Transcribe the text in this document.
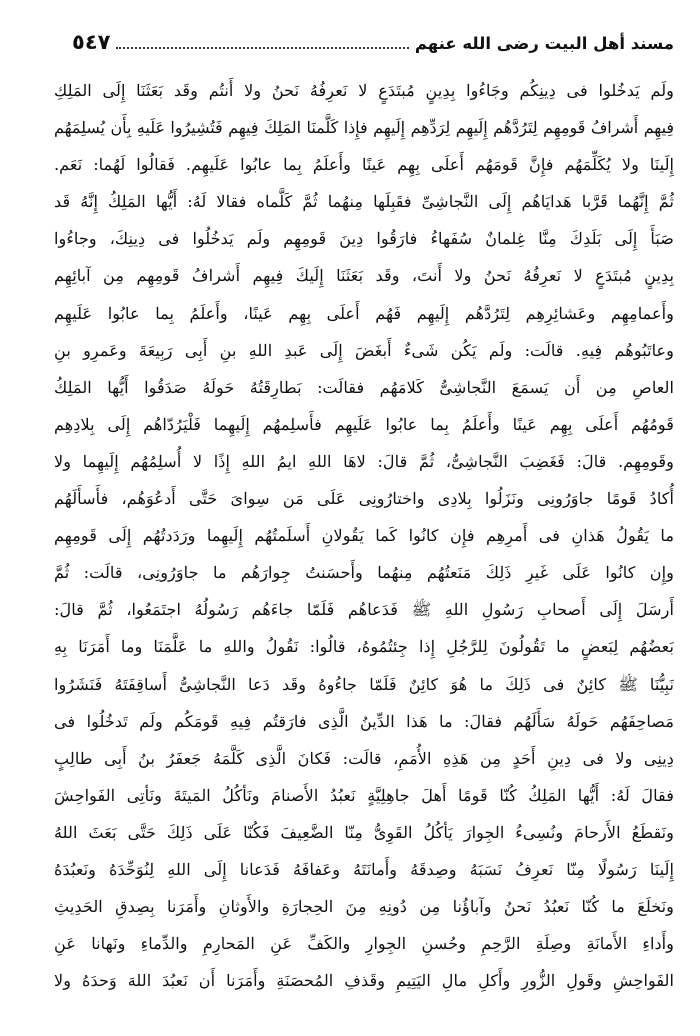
مسند أهل البيت رضى الله عنهم
٥٤٧
ولَم يَدخُلوا فى دِينِكُم وجَاءُوا بِدِينٍ مُبتَدَعٍ لا نَعرِفُهُ نَحنُ ولا أَنتُم وقَد بَعَثَنَا إِلَى المَلِكِ
فِيهِم أَشرافُ قَومِهِم لِتَرُدَّهُم إِلَيهِم لِرَدِّهِم إِلَيهِم فإِذا كَلَّمنَا المَلِكَ فِيهِم فَتُشِيرُوا عَلَيهِ بِأَن يُسلِمَهُم
إِلَينَا ولا يُكَلِّمَهُم فإِنَّ قَومَهُم أَعلَى بِهِم عَينًا وأَعلَمُ بِما عابُوا عَلَيهِم. فَقالُوا لَهُما: نَعَم.
ثُمَّ إِنَّهُما قَرَّبا هَدايَاهُم إِلَى النَّجاشِىِّ فقَبِلَها مِنهُما ثُمَّ كَلَّماه فقالا لَهُ: أَيُّها المَلِكُ إِنَّهُ قَد
صَبَأَ إِلَى بَلَدِكَ مِنَّا غِلمانٌ سُفَهاءُ فارَقُوا دِينَ قَومِهِم ولَم يَدخُلُوا فى دِينِكَ، وجاءُوا
بِدِينٍ مُبتَدَعٍ لا نَعرِفُهُ نَحنُ ولا أَنتَ، وقَد بَعَثَنَا إِلَيكَ فِيهِم أَشرافُ قَومِهِم مِن آبائِهِم
وأَعمامِهِم وعَشائِرِهِم لِتَرُدَّهُم إِلَيهِم فَهُم أَعلَى بِهِم عَينًا، وأَعلَمُ بِما عابُوا عَلَيهِم
وعاتَبُوهُم فِيهِ. قالَت: ولَم يَكُن شَىءٌ أَبغَضَ إِلَى عَبدِ اللهِ بنِ أَبِى رَبِيعَةَ وعَمرِو بنِ
العاصِ مِن أَن يَسمَعَ النَّجاشِىُّ كَلامَهُم فقالَت: بَطارِقَتُهُ حَولَهُ صَدَقُوا أَيُّها المَلِكُ
قَومُهُم أَعلَى بِهِم عَينًا وأَعلَمُ بِما عابُوا عَلَيهِم فأَسلِمهُم إِلَيهِما فَلْيَرُدّاهُم إِلَى بِلادِهِم
وقَومِهِم. قالَ: فَغَضِبَ النَّجاشِىُّ، ثُمَّ قالَ: لاهَا اللهِ ايمُ اللهِ إِذًا لا أُسلِمُهُم إِلَيهِما ولا
أُكادُ قَومًا جاوَرُونِى ونَزَلُوا بِلادِى واختارُونِى عَلَى مَن سِواىَ حَتَّى أَدعُوَهُم، فأَسأَلَهُم
ما يَقُولُ هَذانِ فى أَمرِهِم فإِن كانُوا كَما يَقُولانِ أَسلَمتُهُم إِلَيهِما ورَدَدتُهُم إِلَى قَومِهِم
وإِن كانُوا عَلَى غَيرِ ذَلِكَ مَنَعتُهُم مِنهُما وأَحسَنتُ جِوارَهُم ما جاوَرُونِى، قالَت: ثُمَّ
أَرسَلَ إِلَى أَصحابِ رَسُولِ اللهِ ﷺ فَدَعاهُم فَلَمّا جاءَهُم رَسُولُهُ اجتَمَعُوا، ثُمَّ قالَ:
بَعضُهُم لِبَعضٍ ما تَقُولُونَ لِلرَّجُلِ إِذا جِئتُمُوهُ، قالُوا: نَقُولُ واللهِ ما عَلَّمَنَا وما أَمَرَنَا بِهِ
نَبِيُّنَا ﷺ كائِنٌ فى ذَلِكَ ما هُوَ كائِنٌ فَلَمّا جاءُوهُ وقَد دَعا النَّجاشِىُّ أَساقِفَتَهُ فَنَشَرُوا
مَصاحِفَهُم حَولَهُ سَأَلَهُم فقالَ: ما هَذا الدِّينُ الَّذِى فارَقتُم فِيهِ قَومَكُم ولَم تَدخُلُوا فى
دِينِى ولا فى دِينِ أَحَدٍ مِن هَذِهِ الأُمَمِ، قالَت: فَكانَ الَّذِى كَلَّمَهُ جَعفَرُ بنُ أَبِى طالِبٍ
فقالَ لَهُ: أَيُّها المَلِكُ كُنّا قَومًا أَهلَ جاهِلِيَّةٍ نَعبُدُ الأَصنامَ ونَأكُلُ المَيتَةَ ونَأتِى الفَواحِشَ
ونَقطَعُ الأَرحامَ ونُسِىءُ الجِوارَ يَأكُلُ القَوِىُّ مِنّا الضَّعِيفَ فَكُنّا عَلَى ذَلِكَ حَتَّى بَعَثَ اللهُ
إِلَينَا رَسُولًا مِنّا نَعرِفُ نَسَبَهُ وصِدقَهُ وأَمانَتَهُ وعَفافَهُ فَدَعانا إِلَى اللهِ لِنُوَحِّدَهُ ونَعبُدَهُ
ونَخلَعَ ما كُنّا نَعبُدُ نَحنُ وآباؤُنا مِن دُونِهِ مِنَ الحِجارَةِ والأَوثانِ وأَمَرَنا بِصِدقِ الحَدِيثِ
وأَداءِ الأَمانَةِ وصِلَةِ الرَّحِمِ وحُسنِ الجِوارِ والكَفِّ عَنِ المَحارِمِ والدِّماءِ ونَهانا عَنِ
الفَواحِشِ وقَولِ الزُّورِ وأَكلِ مالِ اليَتِيمِ وقَذفِ المُحصَنَةِ وأَمَرَنا أَن نَعبُدَ اللهَ وَحدَهُ ولا
